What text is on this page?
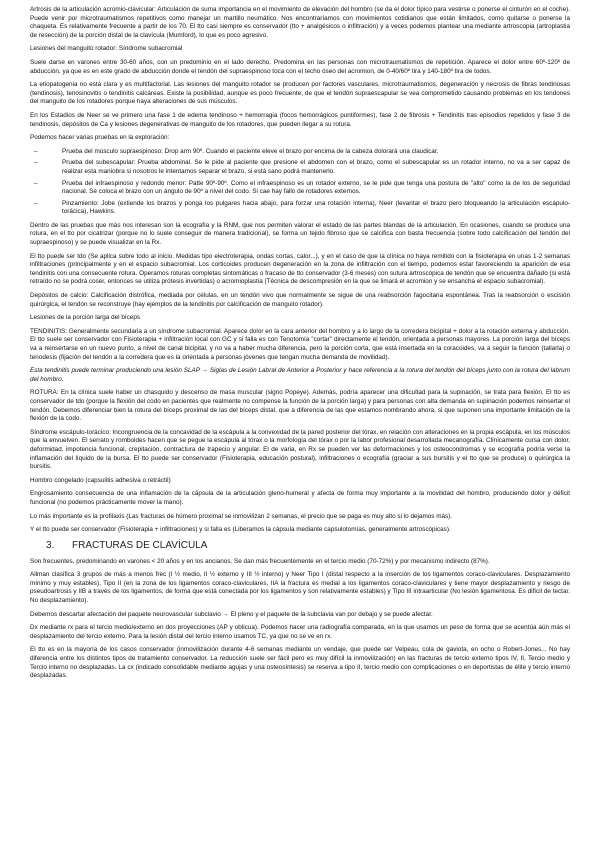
Artrosis de la articulación acromio-clavicular: Articulación de suma importancia en el movimiento de elevación del hombro (se da el dolor típico para vestirse o ponerse el cinturón en el coche). Puede venir por microtraumatismos repetitivos como manejar un martillo neumático. Nos encontraríamos con movimientos cotidianos que están limitados, como quitarse o ponerse la chaqueta. Es relativamente frecuente a partir de los 70. El tto casi siempre es conservador (tto + analgésicos o infiltración) y a veces podemos plantear una mediante artroscopia (artroplastia de resección) de la porción distal de la clavícula (Mumford), lo que es poco agresivo.

Lesiones del manguito rotador: Síndrome subacromial

Suele darse en varones entre 30-60 años, con un predominio en el lado derecho. Predomina en las personas con microtraumatismos de repetición. Aparece el dolor entre 60º-120º de abducción, ya que es en este grado de abducción donde el tendón del supraespinoso toca con el techo óseo del acromion, de 0-40/60º tira y 140-180º tira de todos.

La etiopatogenia no está clara y es multifactorial. Las lesiones del manguito rotador se producen por factores vasculares, microtraumatismos, degeneración y necrosis de fibras tendinosas (tendinosis), tenosinovitis o tendinitis calcáreas. Existe la posibilidad, aunque es poco frecuente, de que el tendón supraescapular se vea comprometido causando problemas en los tendones del manguito de los rotadores porque haya alteraciones de sus músculos.

En los Estadios de Neer se ve primero una fase 1 de edema tendinoso + hemorragia (focos hemorrágicos puntiformes), fase 2 de fibrosis + Tendinitis tras episodios repetidos y fase 3 de tendinosis, depósitos de Ca y lesiones degenerativas de manguito de los rotadores, que pueden llegar a su rotura.

Podemos hacer varias pruebas en la exploración:

– Prueba del músculo supraespinoso: Drop arm 90º. Cuando el paciente eleve el brazo por encima de la cabeza dolorará una claudicar.
– Prueba del subescapular: Prueba abdominal. Se le pide al paciente que presione el abdomen con el brazo, como el subescapular es un rotador interno, no va a ser capaz de realizar esta maniobra si nosotros le intentamos separar el brazo, si está sano podrá mantenerlo.
– Prueba del infraespinoso y redondo menor: Patte 90º-90º. Como el infraespinoso es un rotador externo, se le pide que tenga una postura de "alto" como la de los de seguridad nacional. Se coloca el brazo con un ángulo de 90º a nivel del codo. Si cae hay fallo de rotadores externos.
– Pinzamiento: Jobe (extiende los brazos y ponga los pulgares hacia abajo, para forzar una rotación interna), Neer (levantar el brazo pero bloqueando la articulación escápulo-torácica), Hawkins.

Dentro de las pruebas que más nos interesan son la ecografía y la RNM, que nos permiten valorar el estado de las partes blandas de la articulación. En ocasiones, cuando se produce una rotura, en el tto por cicatrizar (porque no lo suele conseguir de manera tradicional), se forma un tejido fibroso que se calcifica con basta frecuencia (sobre todo calcificación del tendón del supraespinoso) y se puede visualizar en la Rx.

El tto puede ser tdo (Se aplica sobre todo al inicio. Medidas tipo electroterapia, ondas cortas, calor...), y en el caso de que la clínica no haya remitido con la fisioterapia en unas 1-2 semanas infiltraciones (principalmente y en el espacio subacromial. Los corticoides producen degeneración en la zona de infiltración con el tiempo, podemos estar favoreciendo la aparición de esa tendinitis con una consecuente rotura. Operamos roturas completas sintomáticas o fracaso de tto conservador (3-6 meses) con sutura artroscópica de tendón que se encuentra dañado (si está retraído no se podrá coser, entonces se utiliza prótesis invertidas) o acromioplastia (Técnica de descompresión en la que se limará el acromion y se ensancha el espacio subacromial).

Depósitos de calcio: Calcificación distrófica, mediada por células, en un tendón vivo que normalmente se sigue de una reabsorción fagocitaria espontánea. Tras la reabsorción o escisión quirúrgica, el tendón se reconstruye (hay ejemplos de la tendinitis por calcificación de manguito rotador).

Lesiones de la porción larga del bíceps

TENDINITIS: Generalmente secundaria a un síndrome subacromial. Aparece dolor en la cara anterior del hombro y a lo largo de la corredera bicipital + dolor a la rotación externa y abducción. El tto suele ser conservador con Fisioterapia + infiltración local con GC y si falla es con Tenotomía "cortar" directamente el tendón, orientada a personas mayores. La porción larga del bíceps va a reinsertarse en un nuevo punto, a nivel de canal bicipital, y no va a haber mucha diferencia, pero la porción corta, que está insertada en la coracoides, va a seguir la función (tallarla) o tenodesis (fijación del tendón a la corredera que es la orientada a personas jóvenes que tengan mucha demanda de movilidad).

Esta tendinitis puede terminar produciendo una lesión SLAP → Siglas de Lesión Labral de Anterior a Posterior y hace referencia a la rotura del tendón del bíceps junto con la rotura del labrum del hombro.

ROTURA: En la clínica suele haber un chasquido y descenso de masa muscular (signo Popeye). Además, podría aparecer una dificultad para la supinación, se trata para flexión. El tto es conservador de tdo (porque la flexión del codo en pacientes que realmente no compense la función de la porción larga) y para personas con alta demanda en supinación podemos reinsertar el tendón. Debemos diferenciar bien la rotura del bíceps proximal de las del bíceps distal, que a diferencia de las que estamos nombrando ahora, si que suponen una importante limitación de la flexión de la codo.

Síndrome escápulo-torácico: Incongruencia de la concavidad de la escápula a la convexidad de la pared posterior del tórax, en relación con alteraciones en la propia escápula, en los músculos que la envuelven. El serrato y romboides hacen que se pegue la escápula al tórax o la morfología del tórax o por la labor profesional desarrollada mecanografía. Clínicamente cursa con dolor, deformidad, impotencia funcional, crepitación, contractura de trapecio y angular. El de varia, en Rx se pueden ver las deformaciones y los osteocondromas y se ecografía podría verse la inflamación del líquido de la bursa. El tto puede ser conservador (Fisioterapia, educación postural), infiltraciones o ecografía (graciar a sus bursitis y el tto que se produce) o quirúrgica la bursitis.

Hombro congelado (capsulitis adhesiva o retráctil)

Engrosamiento consecuencia de una inflamación de la cápsula de la articulación gleno-humeral y afecta de forma muy importante a la movilidad del hombro, produciendo dolor y déficit funcional (no podemos prácticamente mover la mano).

Lo más importante es la profilaxis (Las fracturas de húmero proximal se inmovilizan 2 semanas, el precio que se paga es muy alto si lo dejamos más).

Y el tto puede ser conservador (Fisioterapia + infiltraciones) y si falla es (Liberamos la cápsula mediante capsulotomías, generalmente artroscópicas).

3. FRACTURAS DE CLAVÍCULA

Son frecuentes, predominando en varones < 20 años y en los ancianos. Se dan más frecuentemente en el tercio medio (70-72%) y por mecanismo indirecto (87%).

Allman clasifica 3 grupos de más a menos frec (I ½ medio, II ½ externo y III ½ interno) y Neer Tipo I (distal respecto a la inserción de los ligamentos coraco-claviculares. Desplazamiento mínimo y muy estables), Tipo II (en la zona de los ligamentos coraco-claviculares, IIA la fractura es medial a los ligamentos coraco-claviculares y tiene mayor desplazamiento y riesgo de pseudoartrosis y IIB a través de los ligamentos, de forma que está conectada por los ligamentos y son relativamente estables) y Tipo III intraarticular (No lesión ligamentosa. Es difícil de tectar. No desplazamiento).

Debemos descartar afectación del paquete neurovascular subclavio → El pleno y el paquete de la subclavia van por debajo y se puede afectar.

Dx mediante rx para el tercio medio/externo en dos proyecciones (AP y oblicua). Podemos hacer una radiografía comparada, en la que usamos un peso de forma que se acentúa aún más el desplazamiento del tercio externo. Para la lesión distal del tercio interno usamos TC, ya que no se ve en rx.

El tto es en la mayoría de los casos conservador (inmovilización durante 4-6 semanas mediante un vendaje, que puede ser Velpeau, cola de gaviota, en ocho o Robert-Jones... No hay diferencia entre los distintos tipos de tratamiento conservador. La reducción suele ser fácil pero es muy difícil la inmovilización) en las fracturas de tercio externo tipos IV, II, Tercio medio y Tercio interno no desplazadas. La cx (indicado consolidable mediante agujas y una osteosíntesis) se reserva a tipo II, tercio medio con complicaciones o en deportistas de élite y tercio interno desplazadas.
